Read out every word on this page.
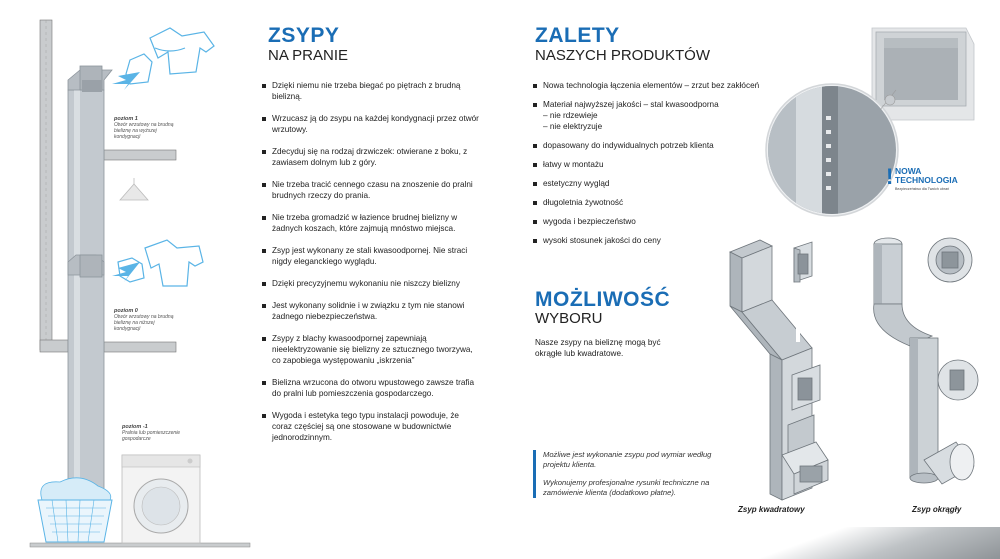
poziom 1
Otwór wrzutowy na brudną bieliznę na wyższej kondygnacji
poziom 0
Otwór wrzutowy na brudną bieliznę na niższej kondygnacji
poziom -1
Pralnia lub pomieszczenie gospodarcze
ZSYPY
NA PRANIE
Dzięki niemu nie trzeba biegać po piętrach z brudną bielizną.
Wrzucasz ją do zsypu na każdej kondygnacji przez otwór wrzutowy.
Zdecyduj się na rodzaj drzwiczek: otwierane z boku, z zawiasem dolnym lub z góry.
Nie trzeba tracić cennego czasu na znoszenie do pralni brudnych rzeczy do prania.
Nie trzeba gromadzić w łazience brudnej bielizny w żadnych koszach, które zajmują mnóstwo miejsca.
Zsyp jest wykonany ze stali kwasoodpornej. Nie straci nigdy eleganckiego wyglądu.
Dzięki precyzyjnemu wykonaniu nie niszczy bielizny
Jest wykonany solidnie i w związku z tym nie stanowi żadnego niebezpieczeństwa.
Zsypy z blachy kwasoodpornej zapewniają nieelektryzowanie się bielizny ze sztucznego tworzywa, co zapobiega występowaniu „iskrzenia”
Bielizna wrzucona do otworu wpustowego zawsze trafia do pralni lub pomieszczenia gospodarczego.
Wygoda i estetyka tego typu instalacji powoduje, że coraz częściej są one stosowane w budownictwie jednorodzinnym.
ZALETY
NASZYCH PRODUKTÓW
Nowa technologia łączenia elementów – zrzut bez zakłóceń
Materiał najwyższej jakości – stal kwasoodporna
– nie rdzewieje
– nie elektryzuje
dopasowany do indywidualnych potrzeb klienta
łatwy w montażu
estetyczny wygląd
długoletnia żywotność
wygoda i bezpieczeństwo
wysoki stosunek jakości do ceny
! NOWA
TECHNOLOGIA
Bezpieczeństwo dla Twoich ubrań
MOŻLIWOŚĆ
WYBORU
Nasze zsypy na bieliznę mogą być okrągłe lub kwadratowe.

Możliwe jest wykonanie zsypu pod wymiar według projektu klienta.

Wykonujemy profesjonalne rysunki techniczne na zamówienie klienta (dodatkowo płatne).

Zsyp kwadratowy	Zsyp okrągły
